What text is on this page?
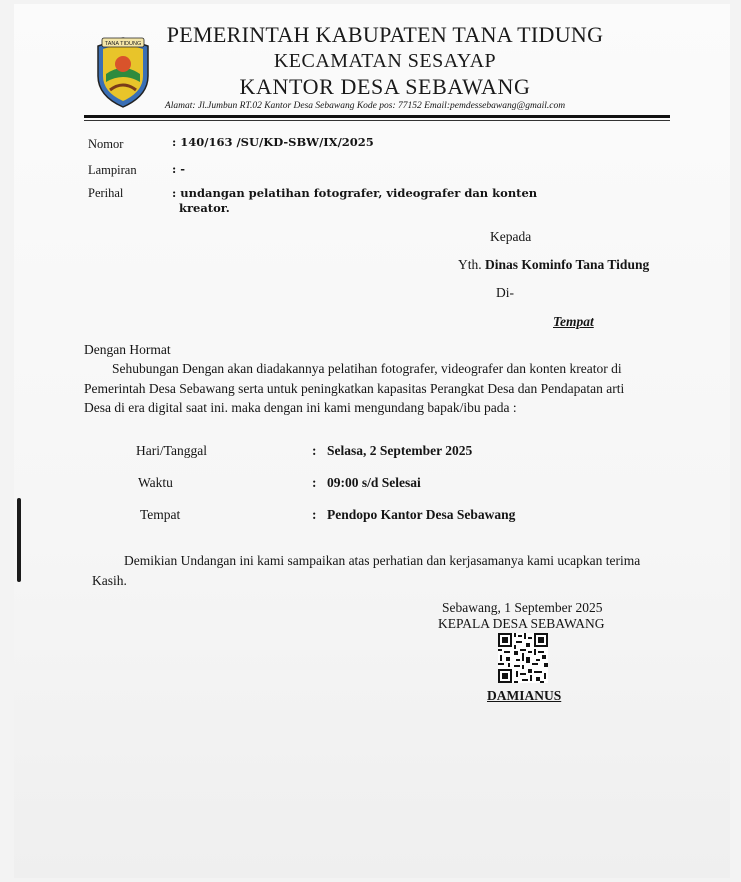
TANA TIDUNG	PEMERINTAH KABUPATEN TANA TIDUNG
KECAMATAN SESAYAP
KANTOR DESA SEBAWANG
Alamat: Jl.Jumbun RT.02 Kantor Desa Sebawang Kode pos: 77152 Email:pemdessebawang@gmail.com
Nomor	: 140/163 /SU/KD-SBW/IX/2025
Lampiran	: -
Perihal	: undangan pelatihan fotografer, videografer dan konten
kreator.
Kepada
Yth. Dinas Kominfo Tana Tidung
Di-
Tempat
Dengan Hormat
Sehubungan Dengan akan diadakannya pelatihan fotografer, videografer dan konten kreator di
Pemerintah Desa Sebawang serta untuk peningkatkan kapasitas Perangkat Desa dan Pendapatan arti
Desa di era digital saat ini. maka dengan ini kami mengundang bapak/ibu pada :
Hari/Tanggal	: Selasa, 2 September 2025
Waktu	: 09:00 s/d Selesai
Tempat	: Pendopo Kantor Desa Sebawang
Demikian Undangan ini kami sampaikan atas perhatian dan kerjasamanya kami ucapkan terima
Kasih.
Sebawang, 1 September 2025
KEPALA DESA SEBAWANG
DAMIANUS
